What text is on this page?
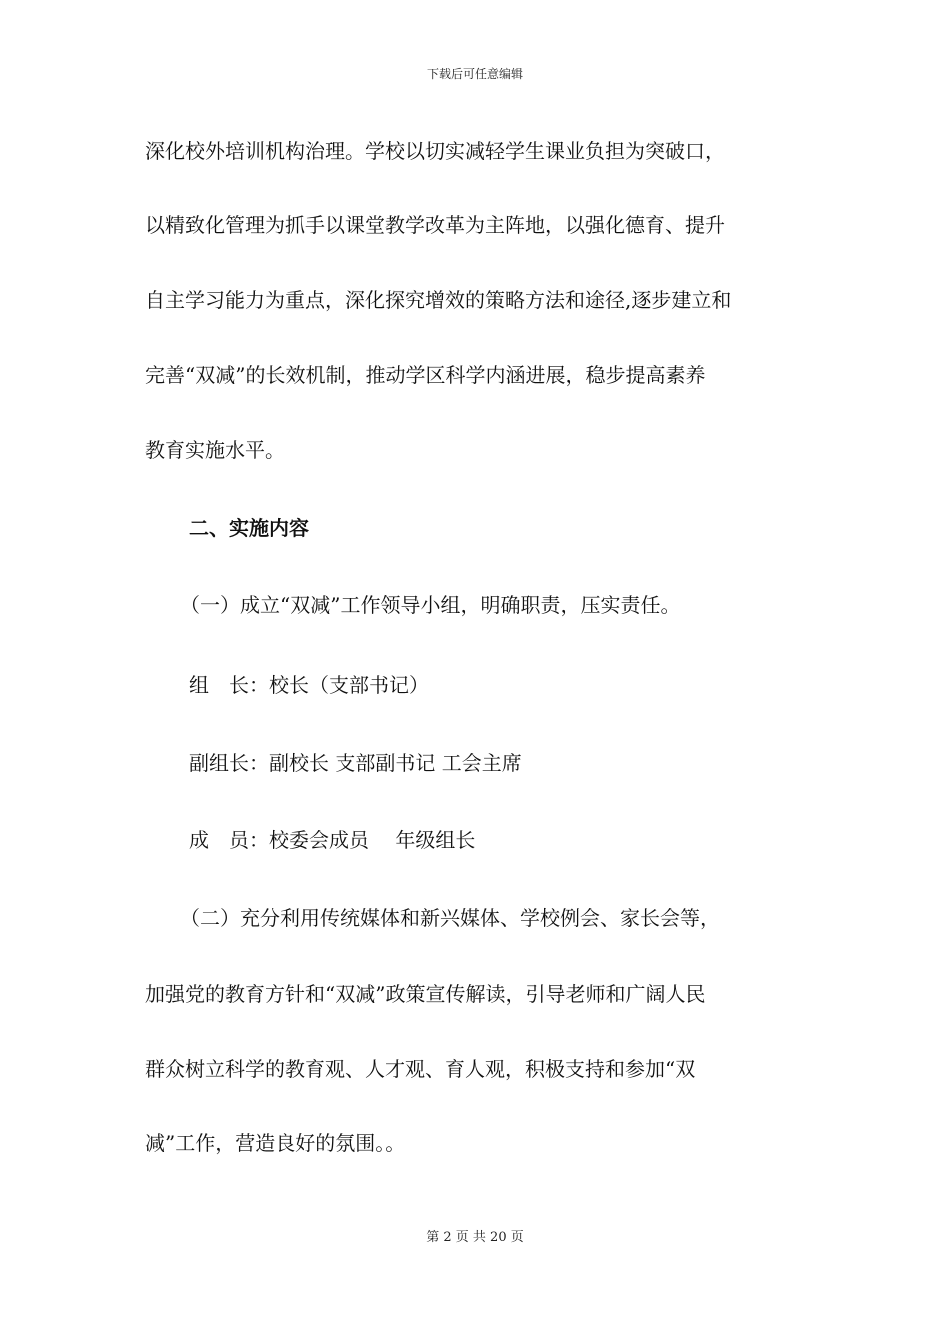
下载后可任意编辑
深化校外培训机构治理。学校以切实减轻学生课业负担为突破口，
以精致化管理为抓手以课堂教学改革为主阵地，以强化德育、提升
自主学习能力为重点，深化探究增效的策略方法和途径,逐步建立和
完善“双减”的长效机制，推动学区科学内涵进展，稳步提高素养
教育实施水平。
二、实施内容
（一）成立“双减”工作领导小组，明确职责，压实责任。
组　长：校长（支部书记）
副组长：副校长 支部副书记 工会主席
成　员：校委会成员　 年级组长
（二）充分利用传统媒体和新兴媒体、学校例会、家长会等，
加强党的教育方针和“双减”政策宣传解读，引导老师和广阔人民
群众树立科学的教育观、人才观、育人观，积极支持和参加“双
减”工作，营造良好的氛围。。
第 2 页 共 20 页
